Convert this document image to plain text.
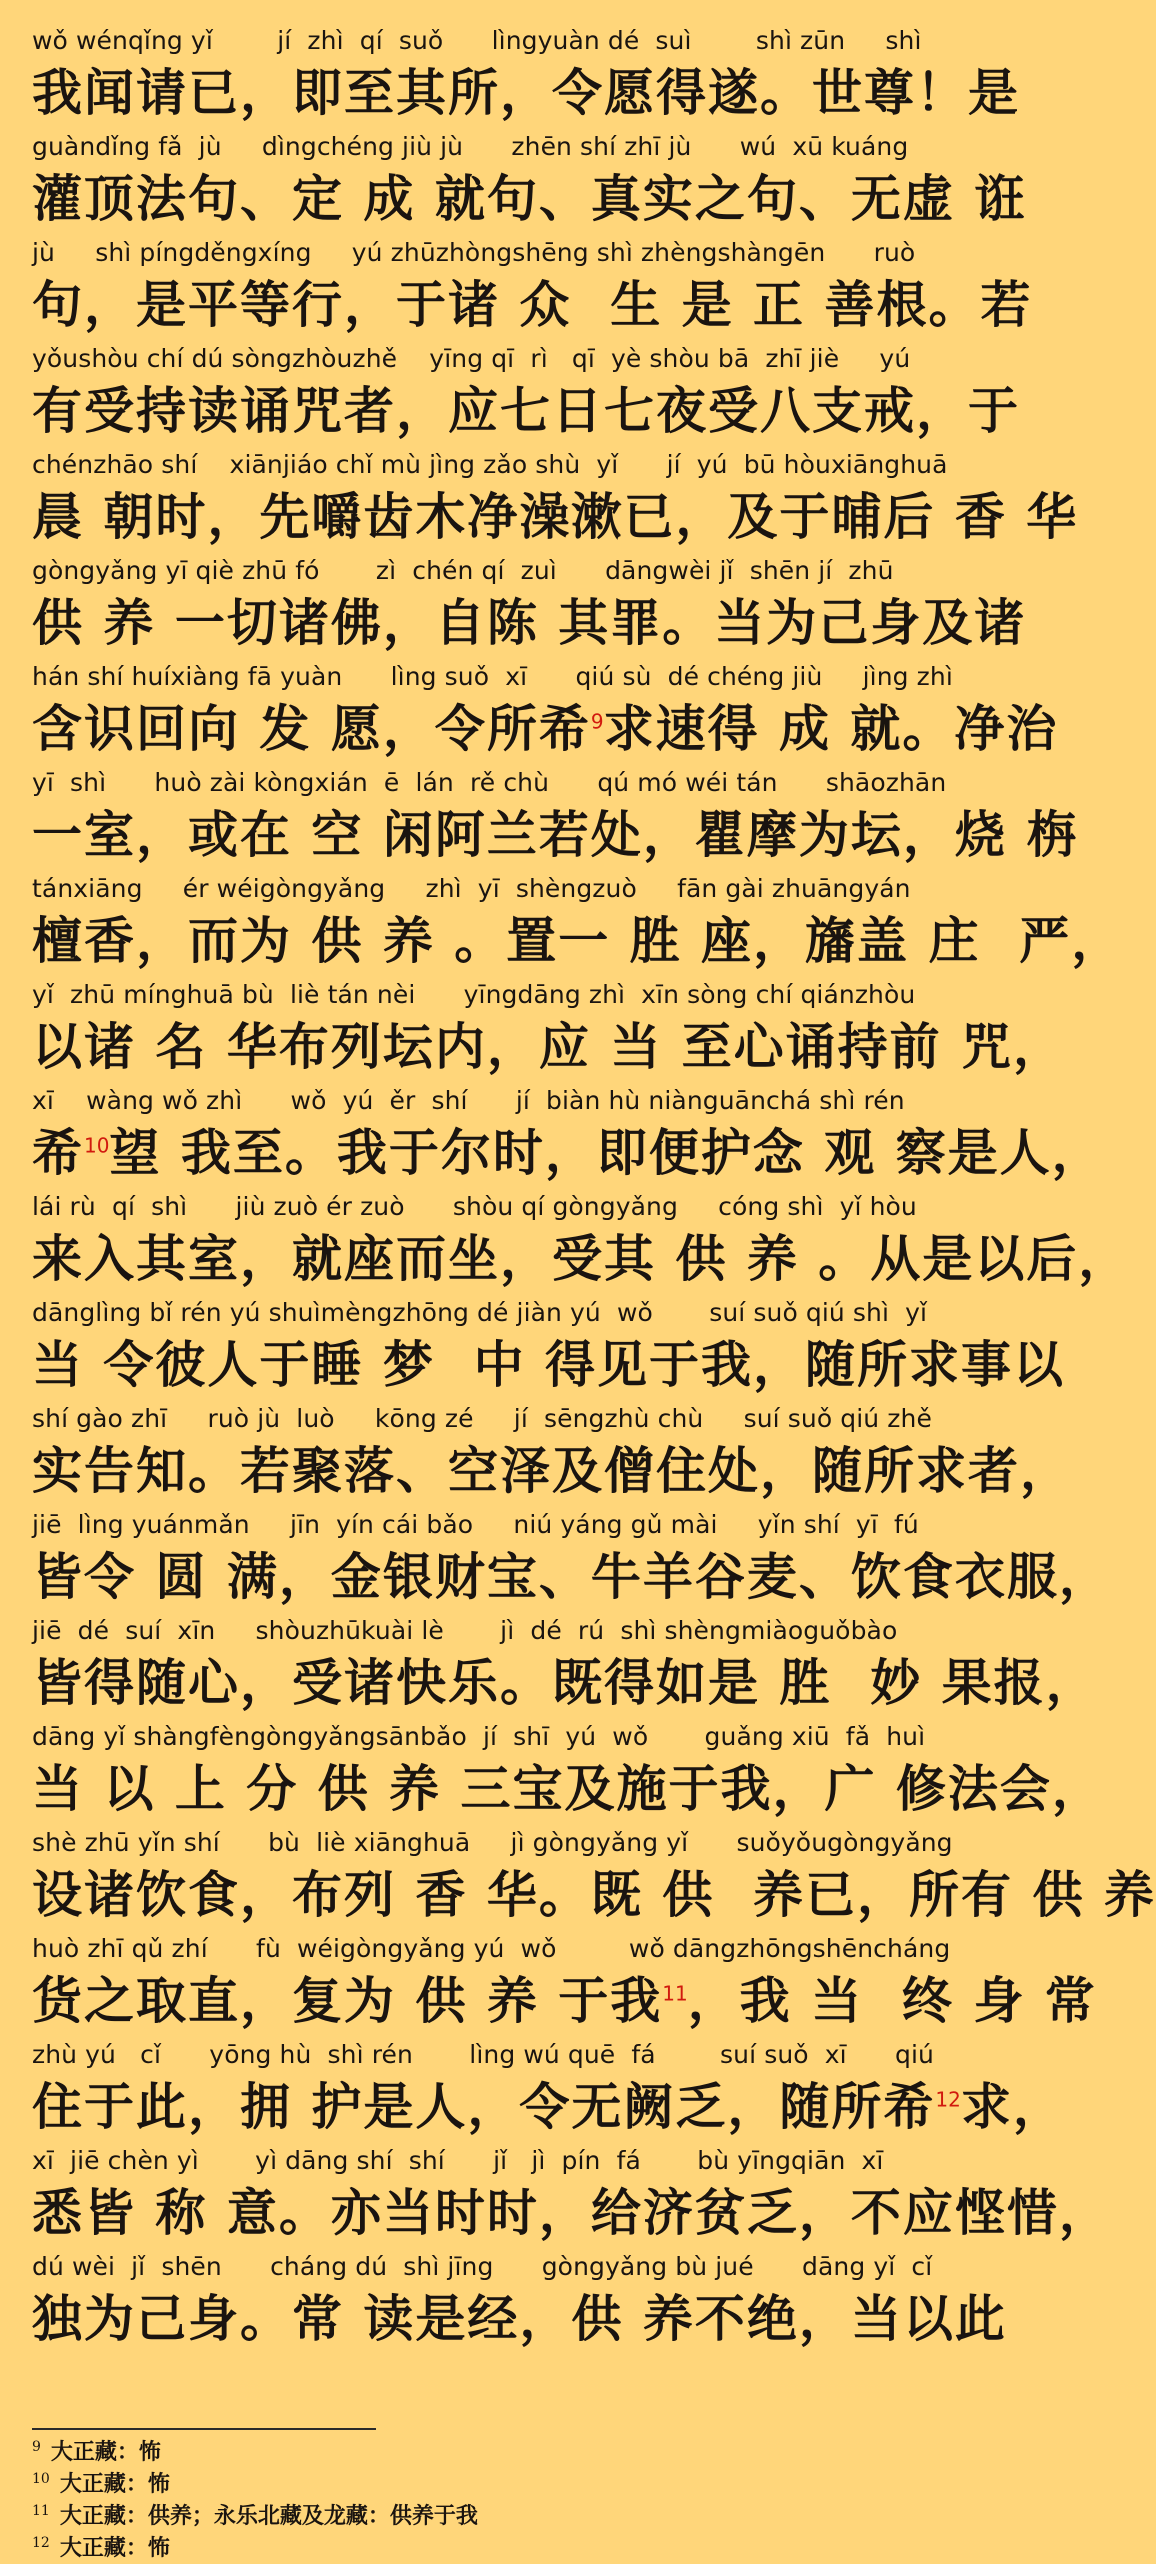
wǒ wénqǐng yǐ        jí  zhì  qí  suǒ      lìngyuàn dé  suì        shì zūn     shì
我闻请已，即至其所，令愿得遂。世尊！是
guàndǐng fǎ  jù     dìngchéng jiù jù      zhēn shí zhī jù      wú  xū kuáng
灌顶法句、定 成 就句、真实之句、无虚 诳
jù     shì píngděngxíng     yú zhūzhòngshēng shì zhèngshàngēn      ruò
句，是平等行，于诸 众  生 是 正 善根。若
yǒushòu chí dú sòngzhòuzhě    yīng qī  rì   qī  yè shòu bā  zhī jiè     yú
有受持读诵咒者，应七日七夜受八支戒，于
chénzhāo shí    xiānjiáo chǐ mù jìng zǎo shù  yǐ      jí  yú  bū hòuxiānghuā
晨 朝时，先嚼齿木净澡漱已，及于晡后 香 华
gòngyǎng yī qiè zhū fó       zì  chén qí  zuì      dāngwèi jǐ  shēn jí  zhū
供 养 一切诸佛，自陈 其罪。当为己身及诸
hán shí huíxiàng fā yuàn      lìng suǒ  xī      qiú sù  dé chéng jiù     jìng zhì
含识回向 发 愿，令所希$^9$求速得 成 就。净治
yī  shì      huò zài kòngxián  ē  lán  rě chù      qú mó wéi tán      shāozhān
一室，或在 空 闲阿兰若处，瞿摩为坛，烧 栴
tánxiāng     ér wéigòngyǎng     zhì  yī  shèngzuò     fān gài zhuāngyán
檀香，而为 供 养 。置一 胜 座，旛盖 庄  严，
yǐ  zhū mínghuā bù  liè tán nèi      yīngdāng zhì  xīn sòng chí qiánzhòu
以诸 名 华布列坛内，应 当 至心诵持前 咒，
xī    wàng wǒ zhì      wǒ  yú  ěr  shí      jí  biàn hù niànguānchá shì rén
希$^{10}$望 我至。我于尔时，即便护念 观 察是人，
lái rù  qí  shì      jiù zuò ér zuò      shòu qí gòngyǎng     cóng shì  yǐ hòu
来入其室，就座而坐，受其 供 养 。从是以后，
dānglìng bǐ rén yú shuìmèngzhōng dé jiàn yú  wǒ       suí suǒ qiú shì  yǐ
当 令彼人于睡 梦  中 得见于我，随所求事以
shí gào zhī     ruò jù  luò     kōng zé     jí  sēngzhù chù     suí suǒ qiú zhě
实告知。若聚落、空泽及僧住处，随所求者，
jiē  lìng yuánmǎn     jīn  yín cái bǎo     niú yáng gǔ mài     yǐn shí  yī  fú
皆令 圆 满，金银财宝、牛羊谷麦、饮食衣服，
jiē  dé  suí  xīn     shòuzhūkuài lè       jì  dé  rú  shì shèngmiàoguǒbào
皆得随心，受诸快乐。既得如是 胜  妙 果报，
dāng yǐ shàngfèngòngyǎngsānbǎo  jí  shī  yú  wǒ       guǎng xiū  fǎ  huì
当 以 上 分 供 养 三宝及施于我，广 修法会，
shè zhū yǐn shí      bù  liè xiānghuā     jì gòngyǎng yǐ      suǒyǒugòngyǎng
设诸饮食，布列 香 华。既 供  养已，所有 供 养
huò zhī qǔ zhí      fù  wéigòngyǎng yú  wǒ         wǒ dāngzhōngshēncháng
货之取直，复为 供 养 于我$^{11}$，我 当  终 身 常
zhù yú   cǐ      yōng hù  shì rén       lìng wú quē  fá        suí suǒ  xī      qiú
住于此，拥 护是人，令无阙乏，随所希$^{12}$求，
xī  jiē chèn yì       yì dāng shí  shí      jǐ   jì  pín  fá       bù yīngqiān  xī
悉皆 称 意。亦当时时，给济贫乏，不应悭惜，
dú wèi  jǐ  shēn      cháng dú  shì jīng      gòngyǎng bù jué      dāng yǐ  cǐ
独为己身。常 读是经，供 养不绝，当以此
$^9$ 大正藏：怖
$^{10}$ 大正藏：怖
$^{11}$ 大正藏：供养；永乐北藏及龙藏：供养于我
$^{12}$ 大正藏：怖
